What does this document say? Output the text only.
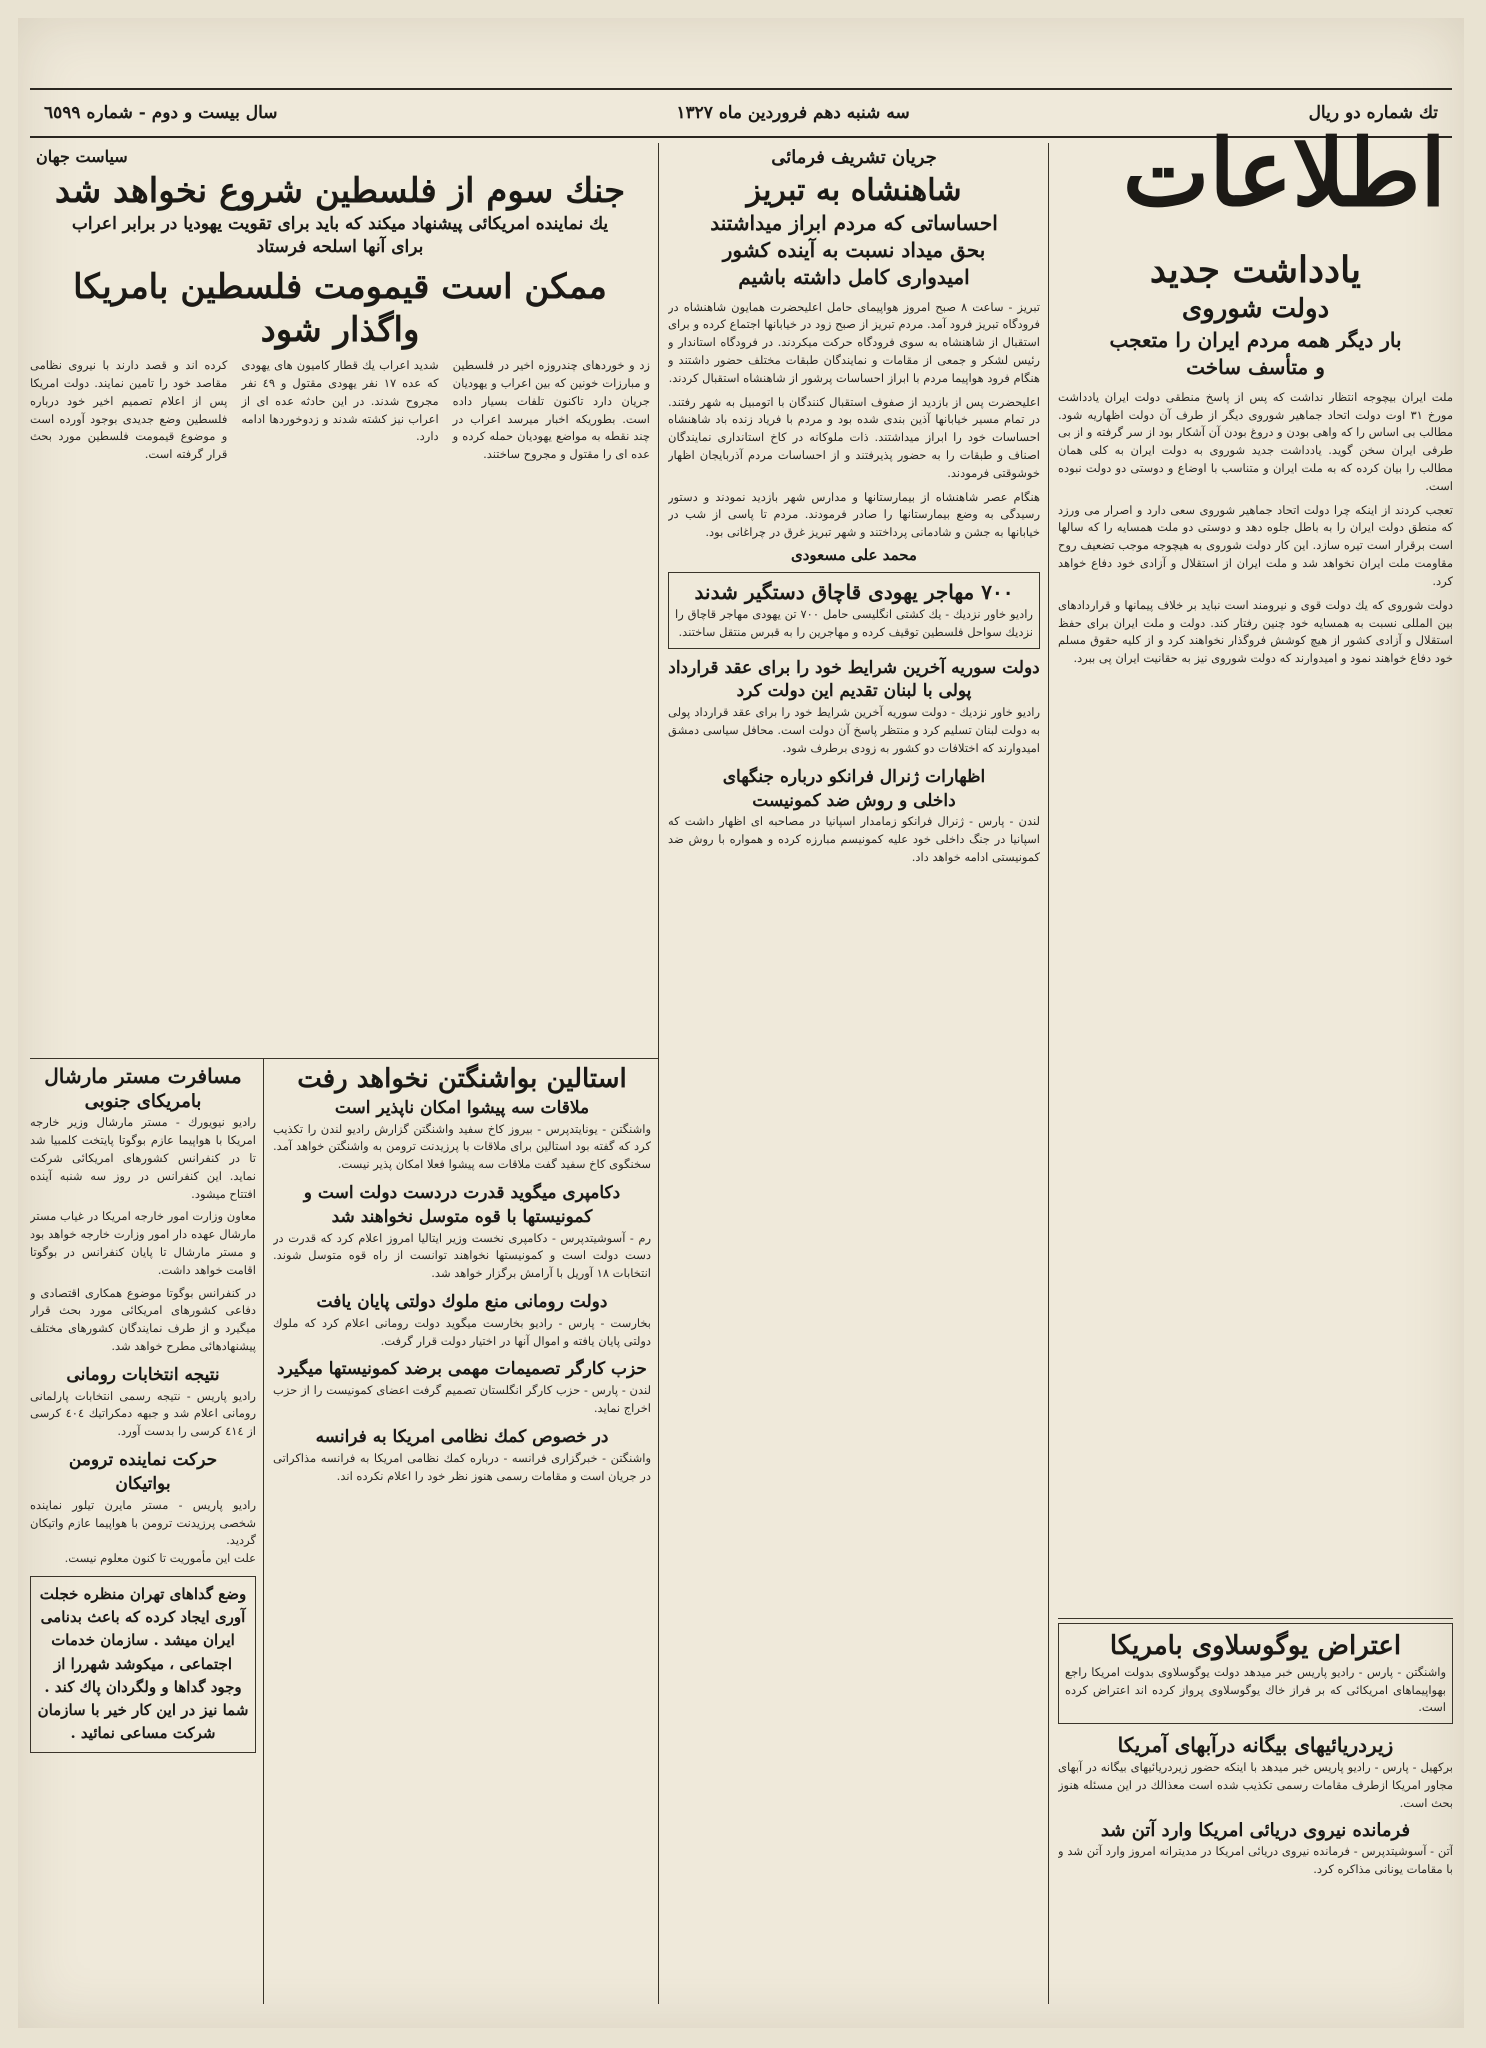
سال بيست و دوم - شماره ٦٥٩٩	سه شنبه دهم فروردين ماه ١٣٢٧	تك شماره دو ريال
اطلاعات
يادداشت جديد
دولت شوروى
بار ديگر همه مردم ايران را متعجب
و متأسف ساخت

ملت ايران بيچوجه انتظار نداشت كه پس از پاسخ منطقى دولت ايران يادداشت مورخ ٣١ اوت دولت اتحاد جماهير شوروى ديگر از طرف آن دولت اظهاريه شود. مطالب بى اساس را كه واهى بودن و دروغ بودن آن آشكار بود از سر گرفته و از بى طرفى ايران سخن گويد. يادداشت جديد شوروى به دولت ايران به كلى همان مطالب را بيان كرده كه به ملت ايران و متناسب با اوضاع و دوستى دو دولت نبوده است.

تعجب كردند از اينكه چرا دولت اتحاد جماهير شوروى سعى دارد و اصرار مى ورزد كه منطق دولت ايران را به باطل جلوه دهد و دوستى دو ملت همسايه را كه سالها است برقرار است تيره سازد. اين كار دولت شوروى به هيچوجه موجب تضعيف روح مقاومت ملت ايران نخواهد شد و ملت ايران از استقلال و آزادى خود دفاع خواهد كرد.

دولت شوروى كه يك دولت قوى و نيرومند است نبايد بر خلاف پيمانها و قراردادهاى بين المللى نسبت به همسايه خود چنين رفتار كند. دولت و ملت ايران براى حفظ استقلال و آزادى كشور از هيچ كوشش فروگذار نخواهند كرد و از كليه حقوق مسلم خود دفاع خواهند نمود و اميدوارند كه دولت شوروى نيز به حقانيت ايران پى ببرد.

اعتراض يوگوسلاوى بامريكا
واشنگتن - پارس - راديو پاريس خبر ميدهد دولت يوگوسلاوى بدولت امريكا راجع بهواپيماهاى امريكائى كه بر فراز خاك يوگوسلاوى پرواز كرده اند اعتراض كرده است.
زيردريائيهاى بيگانه درآبهاى آمريكا
بركهيل - پارس - راديو پاريس خبر ميدهد با اينكه حضور زيردريائيهاى بيگانه در آبهاى مجاور امريكا ازطرف مقامات رسمى تكذيب شده است معذالك در اين مسئله هنوز بحث است.
فرمانده نيروى دريائى امريكا وارد آتن شد
آتن - آسوشيتدپرس - فرمانده نيروى دريائى امريكا در مديترانه امروز وارد آتن شد و با مقامات يونانى مذاكره كرد.
جريان تشريف فرمائى
شاهنشاه به تبريز
احساساتى كه مردم ابراز ميداشتند
بحق ميداد نسبت به آينده كشور
اميدوارى كامل داشته باشيم

تبريز - ساعت ٨ صبح امروز هواپيماى حامل اعليحضرت همايون شاهنشاه در فرودگاه تبريز فرود آمد. مردم تبريز از صبح زود در خيابانها اجتماع كرده و براى استقبال از شاهنشاه به سوى فرودگاه حركت ميكردند. در فرودگاه استاندار و رئيس لشكر و جمعى از مقامات و نمايندگان طبقات مختلف حضور داشتند و هنگام فرود هواپيما مردم با ابراز احساسات پرشور از شاهنشاه استقبال كردند.

اعليحضرت پس از بازديد از صفوف استقبال كنندگان با اتومبيل به شهر رفتند. در تمام مسير خيابانها آذين بندى شده بود و مردم با فرياد زنده باد شاهنشاه احساسات خود را ابراز ميداشتند. ذات ملوكانه در كاخ استاندارى نمايندگان اصناف و طبقات را به حضور پذيرفتند و از احساسات مردم آذربايجان اظهار خوشوقتى فرمودند.

هنگام عصر شاهنشاه از بيمارستانها و مدارس شهر بازديد نمودند و دستور رسيدگى به وضع بيمارستانها را صادر فرمودند. مردم تا پاسى از شب در خيابانها به جشن و شادمانى پرداختند و شهر تبريز غرق در چراغانى بود.

محمد على مسعودى
٧٠٠ مهاجر يهودى قاچاق دستگير شدند
راديو خاور نزديك - يك كشتى انگليسى حامل ٧٠٠ تن يهودى مهاجر قاچاق را نزديك سواحل فلسطين توقيف كرده و مهاجرين را به قبرس منتقل ساختند.
دولت سوريه آخرين شرايط خود را براى عقد قرارداد
پولى با لبنان تقديم اين دولت كرد
راديو خاور نزديك - دولت سوريه آخرين شرايط خود را براى عقد قرارداد پولى به دولت لبنان تسليم كرد و منتظر پاسخ آن دولت است. محافل سياسى دمشق اميدوارند كه اختلافات دو كشور به زودى برطرف شود.
اظهارات ژنرال فرانكو درباره جنگهاى
داخلى و روش ضد كمونيست
لندن - پارس - ژنرال فرانكو زمامدار اسپانيا در مصاحبه اى اظهار داشت كه اسپانيا در جنگ داخلى خود عليه كمونيسم مبارزه كرده و همواره با روش ضد كمونيستى ادامه خواهد داد.
سياست جهان
جنك سوم از فلسطين شروع نخواهد شد
يك نماينده امريكائى پيشنهاد ميكند كه بايد براى تقويت يهوديا در برابر اعراب
براى آنها اسلحه فرستاد
ممكن است قيمومت فلسطين بامريكا واگذار شود
زد و خوردهاى چندروزه اخير در فلسطين و مبارزات خونين كه بين اعراب و يهوديان جريان دارد تاكنون تلفات بسيار داده است. بطوريكه اخبار ميرسد اعراب در چند نقطه به مواضع يهوديان حمله كرده و عده اى را مقتول و مجروح ساختند.
شديد اعراب يك قطار كاميون هاى يهودى كه عده ١٧ نفر يهودى مقتول و ٤٩ نفر مجروح شدند. در اين حادثه عده اى از اعراب نيز كشته شدند و زدوخوردها ادامه دارد.
كرده اند و قصد دارند با نيروى نظامى مقاصد خود را تامين نمايند. دولت امريكا پس از اعلام تصميم اخير خود درباره فلسطين وضع جديدى بوجود آورده است و موضوع قيمومت فلسطين مورد بحث قرار گرفته است.
استالين بواشنگتن نخواهد رفت
ملاقات سه پيشوا امكان ناپذير است
واشنگتن - يونايتدپرس - بيروز كاخ سفيد واشنگتن گزارش راديو لندن را تكذيب كرد كه گفته بود استالين براى ملاقات با پرزيدنت ترومن به واشنگتن خواهد آمد. سخنگوى كاخ سفيد گفت ملاقات سه پيشوا فعلا امكان پذير نيست.
دكامپرى ميگويد قدرت دردست دولت است و
كمونيستها با قوه متوسل نخواهند شد
رم - آسوشيتدپرس - دكامپرى نخست وزير ايتاليا امروز اعلام كرد كه قدرت در دست دولت است و كمونيستها نخواهند توانست از راه قوه متوسل شوند. انتخابات ١٨ آوريل با آرامش برگزار خواهد شد.
دولت رومانى منع ملوك دولتى پايان يافت
بخارست - پارس - راديو بخارست ميگويد دولت رومانى اعلام كرد كه ملوك دولتى پايان يافته و اموال آنها در اختيار دولت قرار گرفت.
حزب كارگر تصميمات مهمى برضد كمونيستها ميگيرد
لندن - پارس - حزب كارگر انگلستان تصميم گرفت اعضاى كمونيست را از حزب اخراج نمايد.
در خصوص كمك نظامى امريكا به فرانسه
واشنگتن - خبرگزارى فرانسه - درباره كمك نظامى امريكا به فرانسه مذاكراتى در جريان است و مقامات رسمى هنوز نظر خود را اعلام نكرده اند.
مسافرت مستر مارشال
بامريكاى جنوبى

راديو نيويورك - مستر مارشال وزير خارجه امريكا با هواپيما عازم بوگوتا پايتخت كلمبيا شد تا در كنفرانس كشورهاى امريكائى شركت نمايد. اين كنفرانس در روز سه شنبه آينده افتتاح ميشود.

معاون وزارت امور خارجه امريكا در غياب مستر مارشال عهده دار امور وزارت خارجه خواهد بود و مستر مارشال تا پايان كنفرانس در بوگوتا اقامت خواهد داشت.

در كنفرانس بوگوتا موضوع همكارى اقتصادى و دفاعى كشورهاى امريكائى مورد بحث قرار ميگيرد و از طرف نمايندگان كشورهاى مختلف پيشنهادهائى مطرح خواهد شد.

نتيجه انتخابات رومانى
راديو پاريس - نتيجه رسمى انتخابات پارلمانى رومانى اعلام شد و جبهه دمكراتيك ٤٠٤ كرسى از ٤١٤ كرسى را بدست آورد.
حركت نماينده ترومن
بواتيكان
راديو پاريس - مستر مايرن تيلور نماينده شخصى پرزيدنت ترومن با هواپيما عازم واتيكان گرديد.
علت اين مأموريت تا كنون معلوم نيست.
وضع گداهاى تهران منظره خجلت آورى ايجاد كرده كه باعث بدنامى ايران ميشد . سازمان خدمات اجتماعى ، ميكوشد شهررا از وجود گداها و ولگردان پاك كند . شما نيز در اين كار خير با سازمان شركت مساعى نمائيد .
